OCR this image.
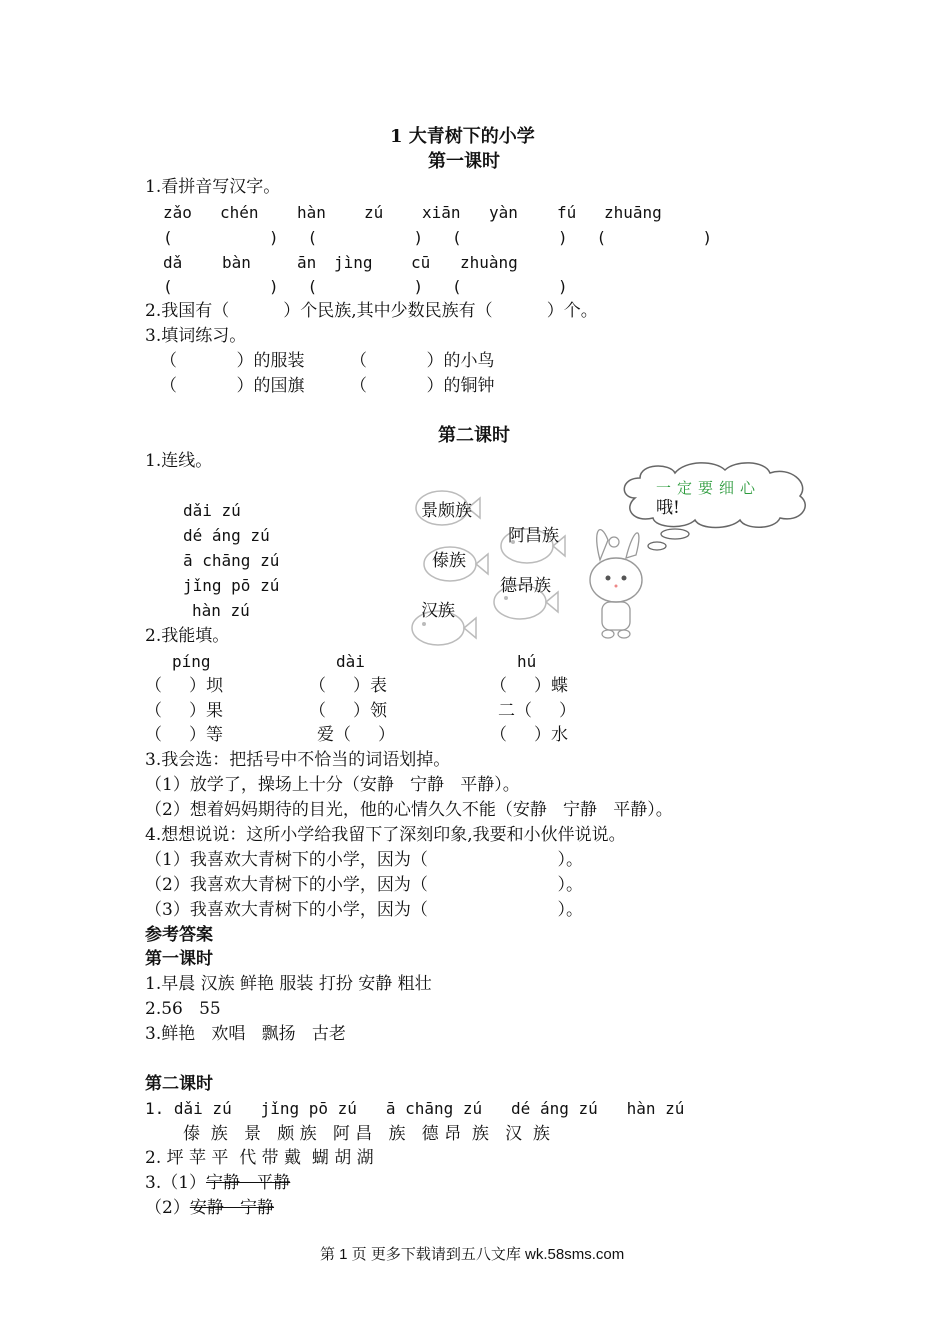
1 大青树下的小学
第一课时
1.看拼音写汉字。
zǎo chén hàn zú xiān yàn fú zhuāng
(          )   (          )   (          )   (          )
dǎ bàn	ān jìng cū zhuàng
(          )   (          )   (          )
2.我国有（          ）个民族,其中少数民族有（          ）个。
3.填词练习。
（           ）的服装	（           ）的小鸟
（           ）的国旗	（           ）的铜钟
第二课时
1.连线。
dǎi zú
dé áng zú
ā chāng zú
jǐng pō zú
hàn zú
景颇族
阿昌族
傣族
德昂族
汉族
一定要细心
哦!
2.我能填。
píng	dài	hú
（     ）坝	（     ）表	（     ）蝶
（     ）果	（     ）领	二（     ）
（     ）等	爱（     ）	（     ）水
3.我会选：把括号中不恰当的词语划掉。
（1）放学了，操场上十分（安静   宁静   平静）。
（2）想着妈妈期待的目光，他的心情久久不能（安静   宁静   平静）。
4.想想说说：这所小学给我留下了深刻印象,我要和小伙伴说说。
（1）我喜欢大青树下的小学，因为（                        ）。
（2）我喜欢大青树下的小学，因为（                        ）。
（3）我喜欢大青树下的小学，因为（                        ）。
参考答案
第一课时
1.早晨 汉族 鲜艳 服装 打扮 安静 粗壮
2.56   55
3.鲜艳   欢唱   飘扬   古老
第二课时
1. dǎi zú   jǐng pō zú   ā chāng zú   dé áng zú   hàn zú
傣  族   景   颇 族   阿 昌   族   德 昂  族   汉  族
2. 坪 苹 平  代 带 戴  蝴 胡 湖
3.（1）宁静   平静
（2）安静   宁静
第 1 页 更多下载请到五八文库 wk.58sms.com
